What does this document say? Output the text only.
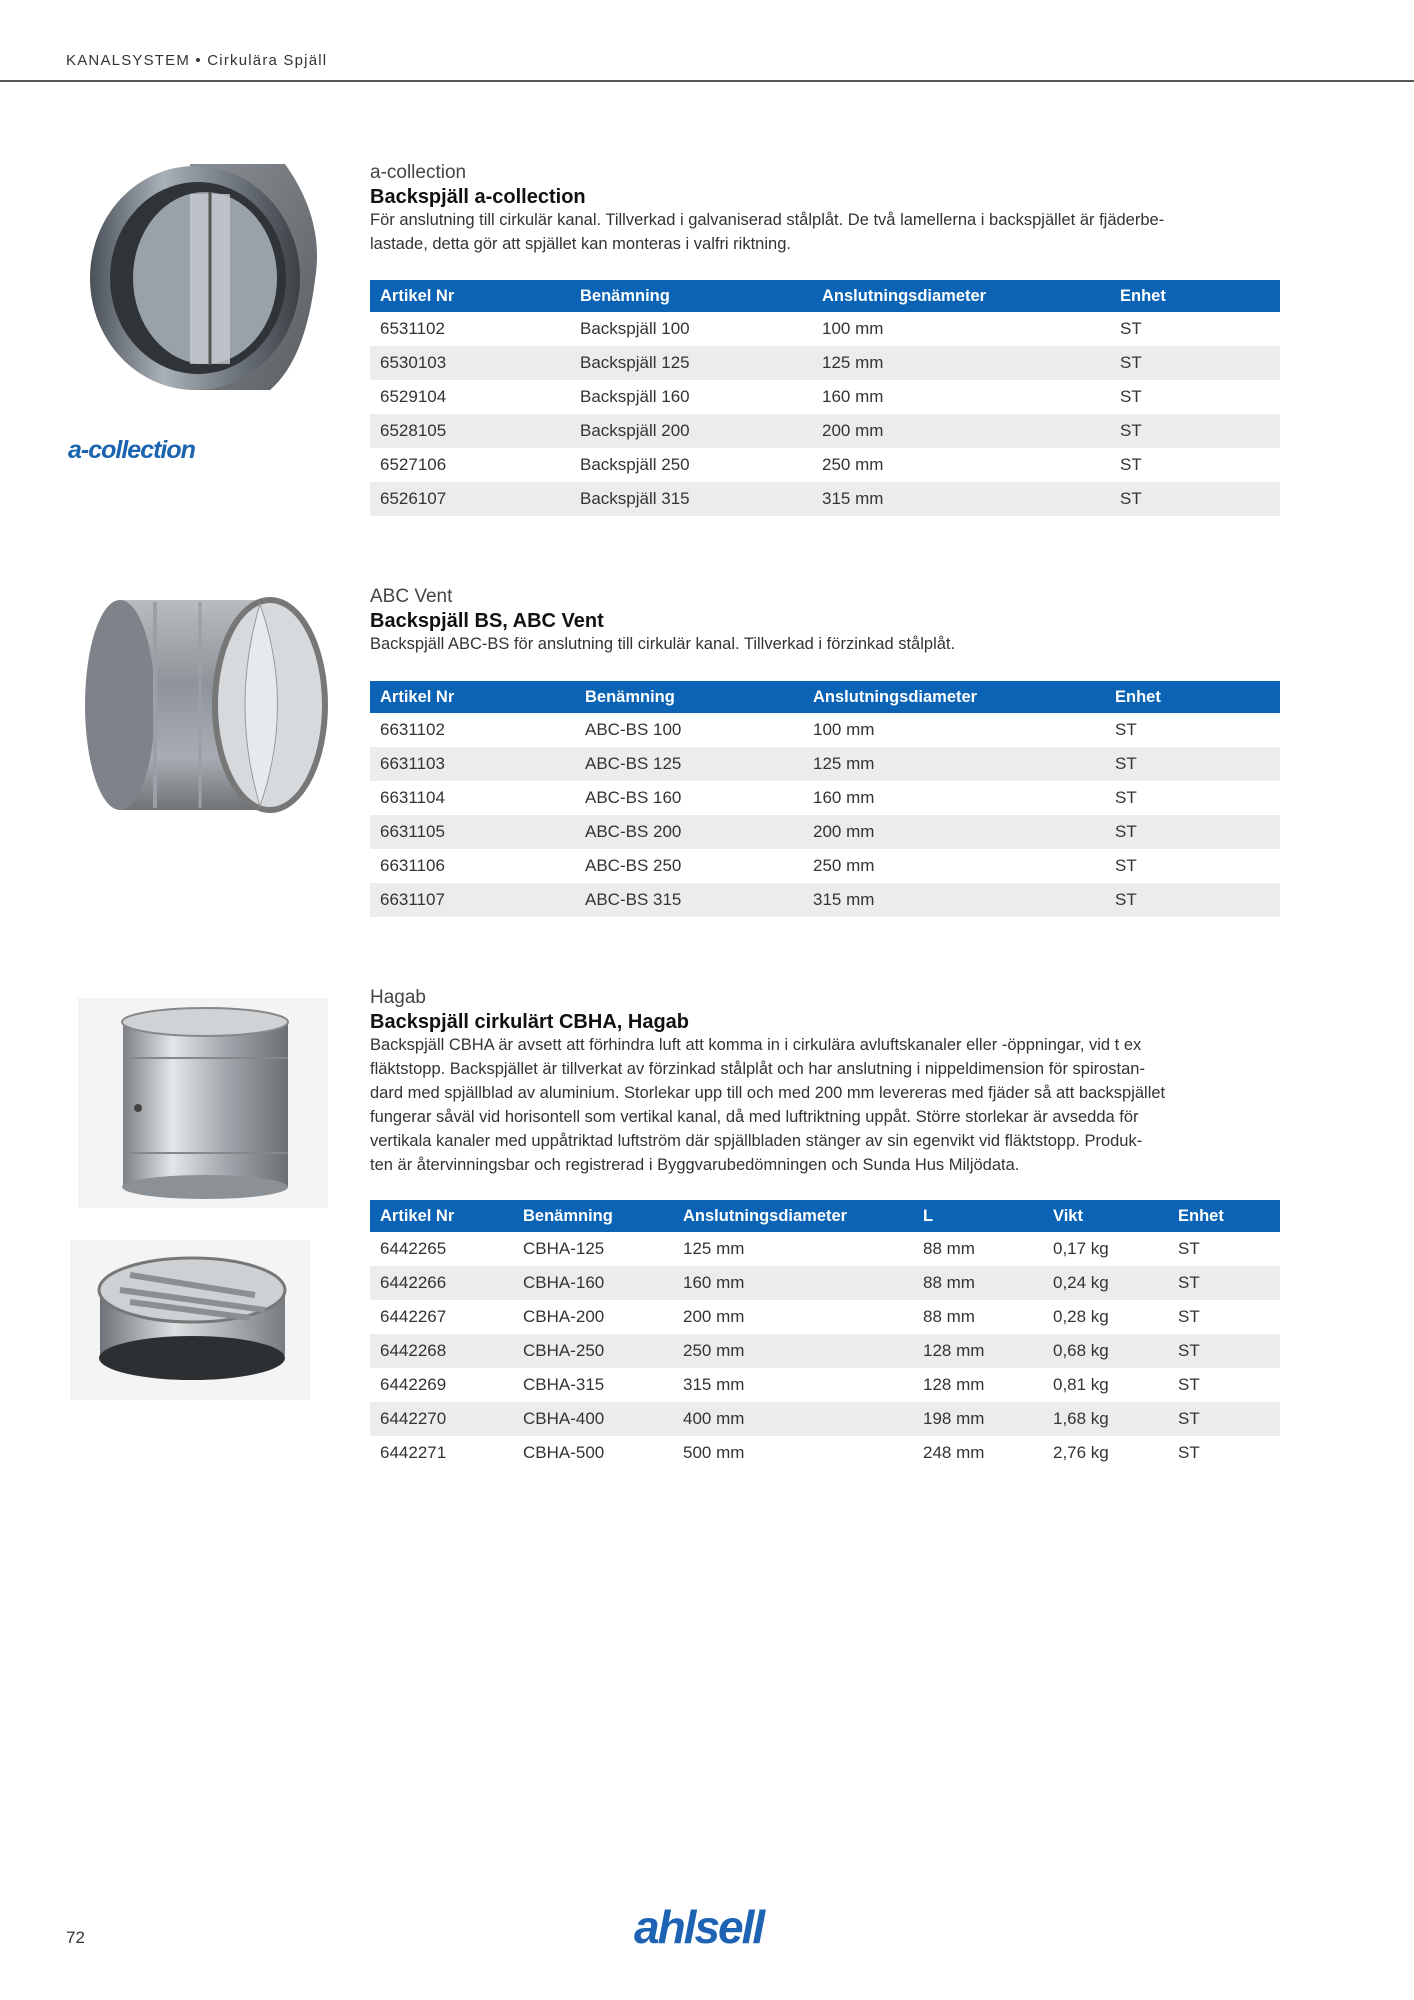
KANALSYSTEM • Cirkulära Spjäll
a-collection

a-collection

Backspjäll a-collection

För anslutning till cirkulär kanal. Tillverkad i galvaniserad stålplåt. De två lamellerna i backspjället är fjäderbe-
lastade, detta gör att spjället kan monteras i valfri riktning.

Artikel Nr	Benämning	Anslutningsdiameter	Enhet
6531102	Backspjäll 100	100 mm	ST
6530103	Backspjäll 125	125 mm	ST
6529104	Backspjäll 160	160 mm	ST
6528105	Backspjäll 200	200 mm	ST
6527106	Backspjäll 250	250 mm	ST
6526107	Backspjäll 315	315 mm	ST

ABC Vent

Backspjäll BS, ABC Vent

Backspjäll ABC-BS för anslutning till cirkulär kanal. Tillverkad i förzinkad stålplåt.

Artikel Nr	Benämning	Anslutningsdiameter	Enhet
6631102	ABC-BS 100	100 mm	ST
6631103	ABC-BS 125	125 mm	ST
6631104	ABC-BS 160	160 mm	ST
6631105	ABC-BS 200	200 mm	ST
6631106	ABC-BS 250	250 mm	ST
6631107	ABC-BS 315	315 mm	ST

Hagab

Backspjäll cirkulärt CBHA, Hagab

Backspjäll CBHA är avsett att förhindra luft att komma in i cirkulära avluftskanaler eller -öppningar, vid t ex
fläktstopp. Backspjället är tillverkat av förzinkad stålplåt och har anslutning i nippeldimension för spirostan-
dard med spjällblad av aluminium. Storlekar upp till och med 200 mm levereras med fjäder så att backspjället
fungerar såväl vid horisontell som vertikal kanal, då med luftriktning uppåt. Större storlekar är avsedda för
vertikala kanaler med uppåtriktad luftström där spjällbladen stänger av sin egenvikt vid fläktstopp. Produk-
ten är återvinningsbar och registrerad i Byggvarubedömningen och Sunda Hus Miljödata.

Artikel Nr	Benämning	Anslutningsdiameter	L	Vikt	Enhet
6442265	CBHA-125	125 mm	88 mm	0,17 kg	ST
6442266	CBHA-160	160 mm	88 mm	0,24 kg	ST
6442267	CBHA-200	200 mm	88 mm	0,28 kg	ST
6442268	CBHA-250	250 mm	128 mm	0,68 kg	ST
6442269	CBHA-315	315 mm	128 mm	0,81 kg	ST
6442270	CBHA-400	400 mm	198 mm	1,68 kg	ST
6442271	CBHA-500	500 mm	248 mm	2,76 kg	ST
72	ahlsell
